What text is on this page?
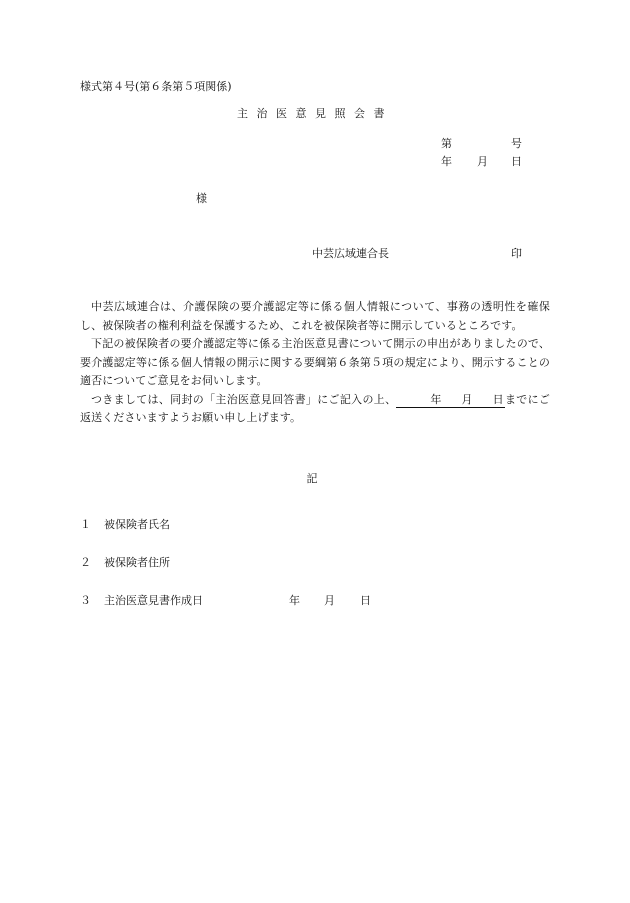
様式第４号(第６条第５項関係)
主治医意見照会書
第	号
年 月 日
様
中芸広域連合長	印

中芸広域連合は、介護保険の要介護認定等に係る個人情報について、事務の透明性を確保し、被保険者の権利利益を保護するため、これを被保険者等に開示しているところです。

下記の被保険者の要介護認定等に係る主治医意見書について開示の申出がありましたので、要介護認定等に係る個人情報の開示に関する要綱第６条第５項の規定により、開示することの適否についてご意見をお伺いします。

つきましては、同封の「主治医意見回答書」にご記入の上、	年 月 日までにご返送くださいますようお願い申し上げます。

記
１ 被保険者氏名
２ 被保険者住所
３ 主治医意見書作成日	年 月 日
